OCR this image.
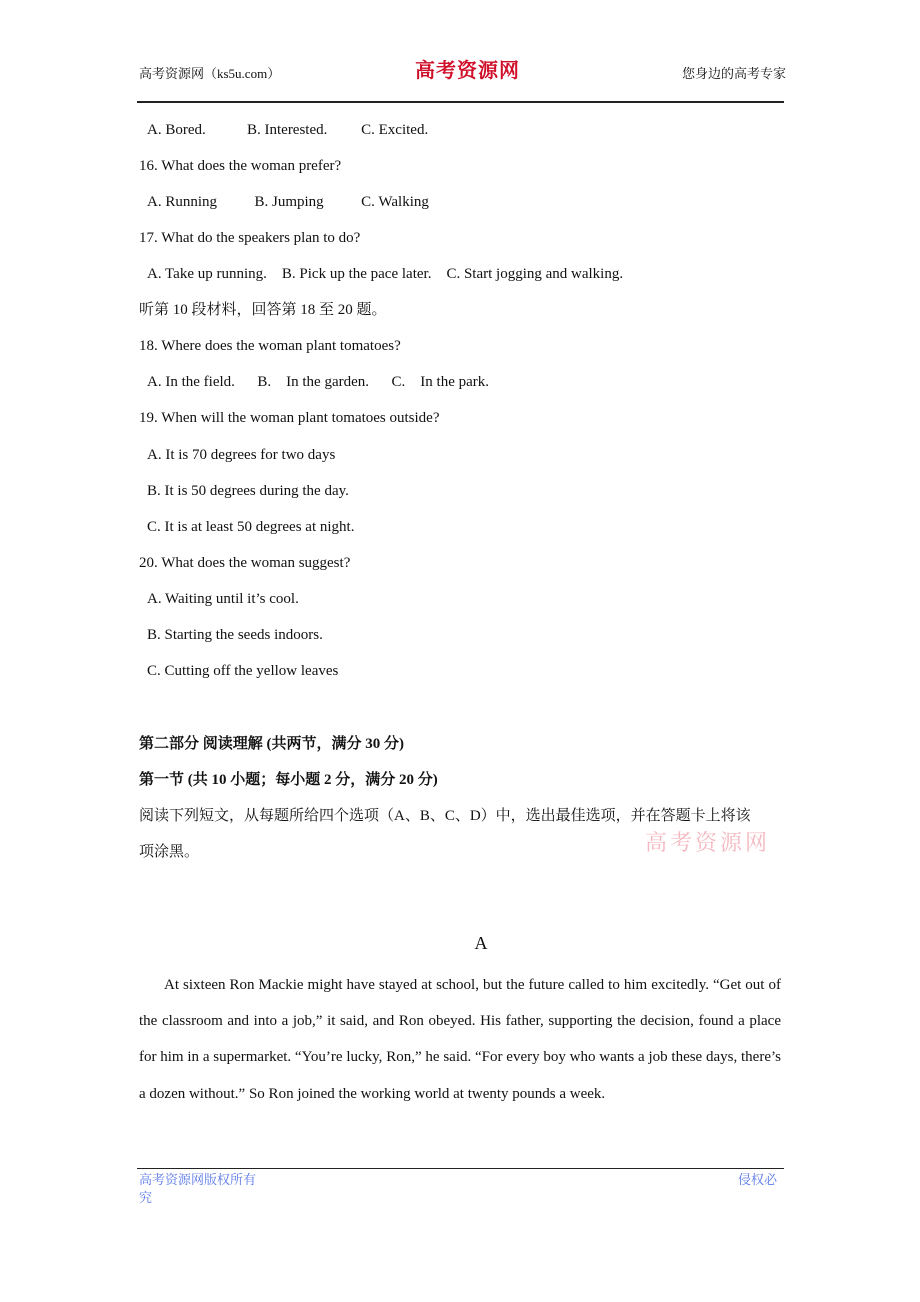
高考资源网（ks5u.com）	高考资源网	您身边的高考专家
A. Bored.           B. Interested.         C. Excited.
16. What does the woman prefer?
A. Running          B. Jumping          C. Walking
17. What do the speakers plan to do?
A. Take up running.    B. Pick up the pace later.    C. Start jogging and walking.
听第 10 段材料，回答第 18 至 20 题。
18. Where does the woman plant tomatoes?
A. In the field.      B.    In the garden.      C.    In the park.
19. When will the woman plant tomatoes outside?
A. It is 70 degrees for two days
B. It is 50 degrees during the day.
C. It is at least 50 degrees at night.
20. What does the woman suggest?
A. Waiting until it’s cool.
B. Starting the seeds indoors.
C. Cutting off the yellow leaves
第二部分 阅读理解 (共两节，满分 30 分)
第一节 (共 10 小题；每小题 2 分，满分 20 分)
阅读下列短文，从每题所给四个选项（A、B、C、D）中，选出最佳选项，并在答题卡上将该
项涂黑。	高考资源网
A
At sixteen Ron Mackie might have stayed at school, but the future called to him excitedly. “Get out of the classroom and into a job,” it said, and Ron obeyed. His father, supporting the decision, found a place for him in a supermarket. “You’re lucky, Ron,” he said. “For every boy who wants a job these days, there’s a dozen without.” So Ron joined the working world at twenty pounds a week.
高考资源网版权所有
究
侵权必
